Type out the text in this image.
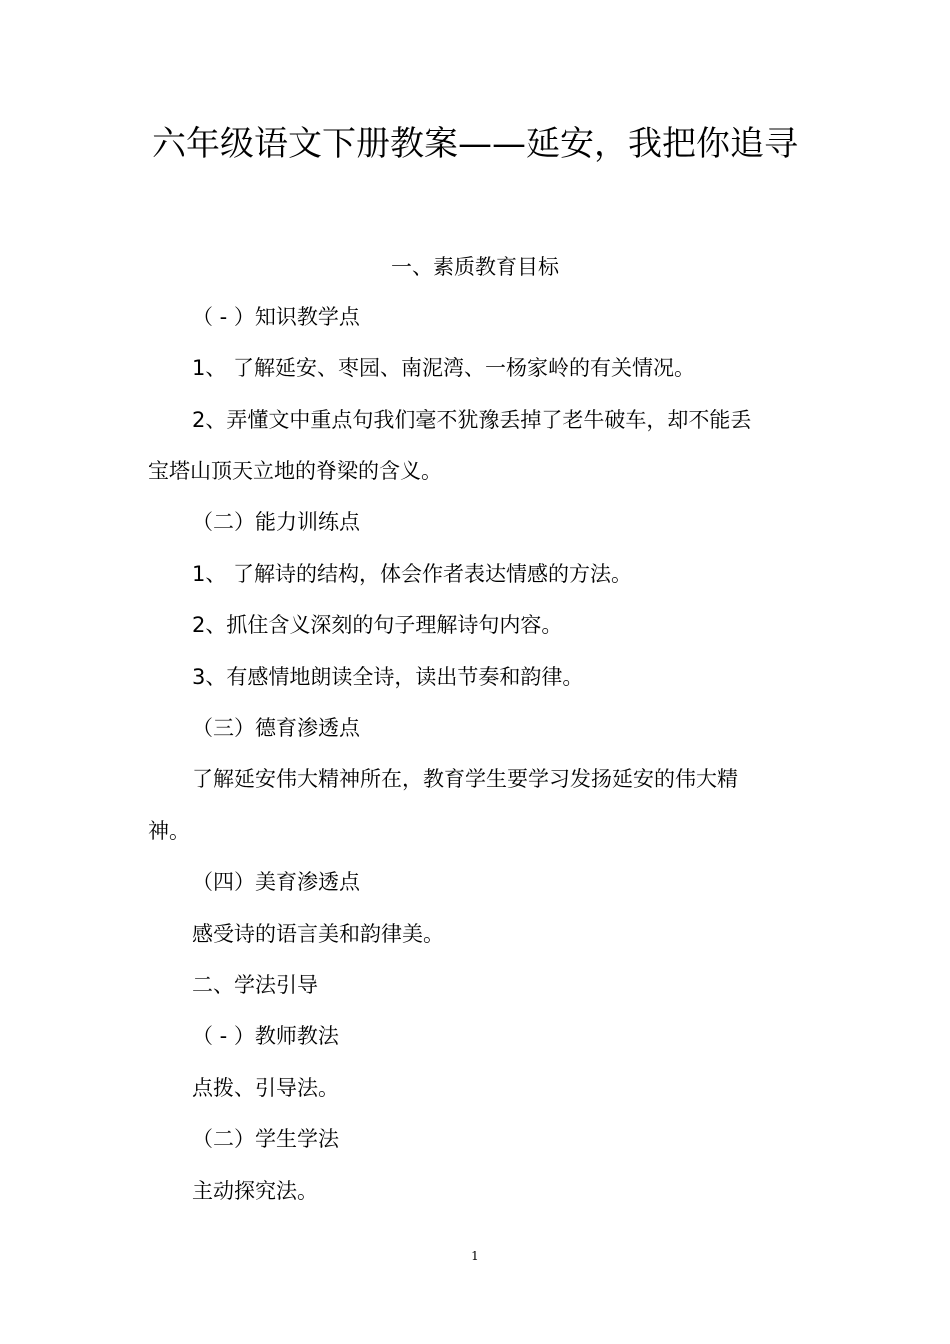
六年级语文下册教案——延安，我把你追寻
一、素质教育目标
（ - ）知识教学点
1、 了解延安、枣园、南泥湾、一杨家岭的有关情况。
2、弄懂文中重点句我们毫不犹豫丢掉了老牛破车，却不能丢
宝塔山顶天立地的脊梁的含义。
（二）能力训练点
1、 了解诗的结构，体会作者表达情感的方法。
2、抓住含义深刻的句子理解诗句内容。
3、有感情地朗读全诗，读出节奏和韵律。
（三）德育渗透点
了解延安伟大精神所在，教育学生要学习发扬延安的伟大精
神。
（四）美育渗透点
感受诗的语言美和韵律美。
二、学法引导
（ - ）教师教法
点拨、引导法。
（二）学生学法
主动探究法。
1
